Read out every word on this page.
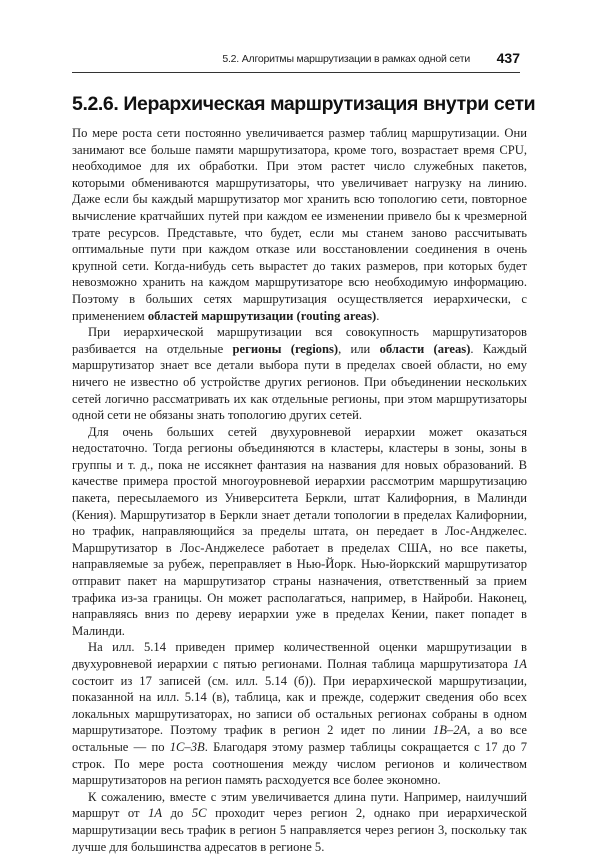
5.2. Алгоритмы маршрутизации в рамках одной сети 437
5.2.6. Иерархическая маршрутизация внутри сети

По мере роста сети постоянно увеличивается размер таблиц маршрутизации. Они занимают все больше памяти маршрутизатора, кроме того, возрастает время CPU, необходимое для их обработки. При этом растет число служебных пакетов, которыми обмениваются маршрутизаторы, что увеличивает нагрузку на линию. Даже если бы каждый маршрутизатор мог хранить всю топологию сети, повторное вычисление кратчайших путей при каждом ее изменении привело бы к чрезмерной трате ресурсов. Представьте, что будет, если мы станем заново рассчитывать оптимальные пути при каждом отказе или восстановлении соединения в очень крупной сети. Когда-нибудь сеть вырастет до таких размеров, при которых будет невозможно хранить на каждом маршрутизаторе всю необходимую информацию. Поэтому в больших сетях маршрутизация осуществляется иерархически, с применением областей маршрутизации (routing areas).

При иерархической маршрутизации вся совокупность маршрутизаторов разбивается на отдельные регионы (regions), или области (areas). Каждый маршрутизатор знает все детали выбора пути в пределах своей области, но ему ничего не известно об устройстве других регионов. При объединении нескольких сетей логично рассматривать их как отдельные регионы, при этом маршрутизаторы одной сети не обязаны знать топологию других сетей.

Для очень больших сетей двухуровневой иерархии может оказаться недостаточно. Тогда регионы объединяются в кластеры, кластеры в зоны, зоны в группы и т. д., пока не иссякнет фантазия на названия для новых образований. В качестве примера простой многоуровневой иерархии рассмотрим маршрутизацию пакета, пересылаемого из Университета Беркли, штат Калифорния, в Малинди (Кения). Маршрутизатор в Беркли знает детали топологии в пределах Калифорнии, но трафик, направляющийся за пределы штата, он передает в Лос-Анджелес. Маршрутизатор в Лос-Анджелесе работает в пределах США, но все пакеты, направляемые за рубеж, переправляет в Нью-Йорк. Нью-йоркский маршрутизатор отправит пакет на маршрутизатор страны назначения, ответственный за прием трафика из-за границы. Он может располагаться, например, в Найроби. Наконец, направляясь вниз по дереву иерархии уже в пределах Кении, пакет попадет в Малинди.

На илл. 5.14 приведен пример количественной оценки маршрутизации в двухуровневой иерархии с пятью регионами. Полная таблица маршрутизатора 1A состоит из 17 записей (см. илл. 5.14 (б)). При иерархической маршрутизации, показанной на илл. 5.14 (в), таблица, как и прежде, содержит сведения обо всех локальных маршрутизаторах, но записи об остальных регионах собраны в одном маршрутизаторе. Поэтому трафик в регион 2 идет по линии 1B–2A, а во все остальные — по 1C–3B. Благодаря этому размер таблицы сокращается с 17 до 7 строк. По мере роста соотношения между числом регионов и количеством маршрутизаторов на регион память расходуется все более экономно.

К сожалению, вместе с этим увеличивается длина пути. Например, наилучший маршрут от 1A до 5C проходит через регион 2, однако при иерархической маршрутизации весь трафик в регион 5 направляется через регион 3, поскольку так лучше для большинства адресатов в регионе 5.
